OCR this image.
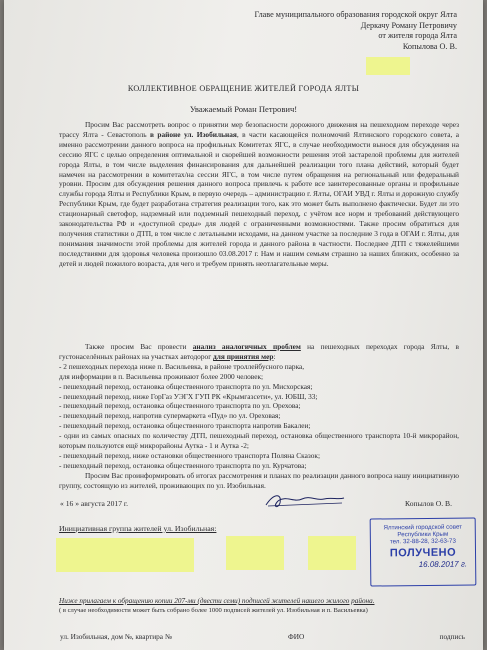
Главе муниципального образования городской округ Ялта
Деркачу Роману Петровичу
от жителя города Ялта
Копылова О. В.
КОЛЛЕКТИВНОЕ ОБРАЩЕНИЕ ЖИТЕЛЕЙ ГОРОДА ЯЛТЫ
Уважаемый Роман Петрович!

Просим Вас рассмотреть вопрос о принятии мер безопасности дорожного движения на пешеходном переходе через трассу Ялта - Севастополь в районе ул. Изобильная, в части касающейся полномочий Ялтинского городского совета, а именно рассмотрении данного вопроса на профильных Комитетах ЯГС, в случае необходимости вынося для обсуждения на сессию ЯГС с целью определения оптимальной и скорейшей возможности решения этой застарелой проблемы для жителей города Ялты, в том числе выделения финансирования для дальнейшей реализации того плана действий, который будет намечен на рассмотрении в комитетах/на сессии ЯГС, в том числе путем обращения на региональный или федеральный уровни. Просим для обсуждения решения данного вопроса привлечь к работе все заинтересованные органы и профильные службы города Ялты и Республики Крым, в первую очередь – администрацию г. Ялты, ОГАИ УВД г. Ялты и дорожную службу Республики Крым, где будет разработана стратегия реализации того, как это может быть выполнено фактически. Будет ли это стационарный светофор, надземный или подземный пешеходный переход, с учётом все норм и требований действующего законодательства РФ и «доступной среды» для людей с ограниченными возможностями. Также просим обратиться для получения статистики о ДТП, в том числе с летальными исходами, на данном участке за последние 3 года в ОГАИ г. Ялты, для понимания значимости этой проблемы для жителей города и данного района в частности. Последнее ДТП с тяжелейшими последствиями для здоровья человека произошло 03.08.2017 г. Нам и нашим семьям страшно за наших близких, особенно за детей и людей пожилого возраста, для чего и требуем принять неотлагательные меры.

Также просим Вас провести анализ аналогичных проблем на пешеходных переходах города Ялты, в густонаселённых районах на участках автодорог для принятия мер:

- 2 пешеходных перехода ниже п. Васильевка, в районе троллейбусного парка,

для информации в п. Васильевка проживают более 2000 человек;

- пешеходный переход, остановка общественного транспорта по ул. Мисхорская;

- пешеходный переход, ниже ГорГаз УЭГХ ГУП РК «Крымгазсети», ул. ЮБШ, 33;

- пешеходный переход, остановка общественного транспорта по ул. Орехова;

- пешеходный переход, напротив супермаркета «Пуд» по ул. Ореховая;

- пешеходный переход, остановка общественного транспорта напротив Бакалеи;

- одни из самых опасных по количеству ДТП, пешеходный переход, остановка общественного транспорта 10-й микрорайон, которым пользуются ещё микрорайоны Аутка - 1 и Аутка -2;

- пешеходный переход, ниже остановки общественного транспорта Поляна Сказок;

- пешеходный переход, остановка общественного транспорта по ул. Курчатова;

Просим Вас проинформировать об итогах рассмотрения и планах по реализации данного вопроса нашу инициативную группу, состоящую из жителей, проживающих по ул. Изобильная.

« 16 » августа 2017 г.	Копылов О. В.
Инициативная группа жителей ул. Изобильная:	Ялтинский городской совет
Республики Крым
тел. 32-88-28, 32-63-73
ПОЛУЧЕНО
16.08.2017 г.
Ниже прилагаем к обращению копии 207-ми (двести семи) подписей жителей нашего жилого района.
( в случае необходимости может быть собрано более 1000 подписей жителей ул. Изобильная и п. Васильевка)
ул. Изобильная, дом №, квартира №	ФИО	подпись
